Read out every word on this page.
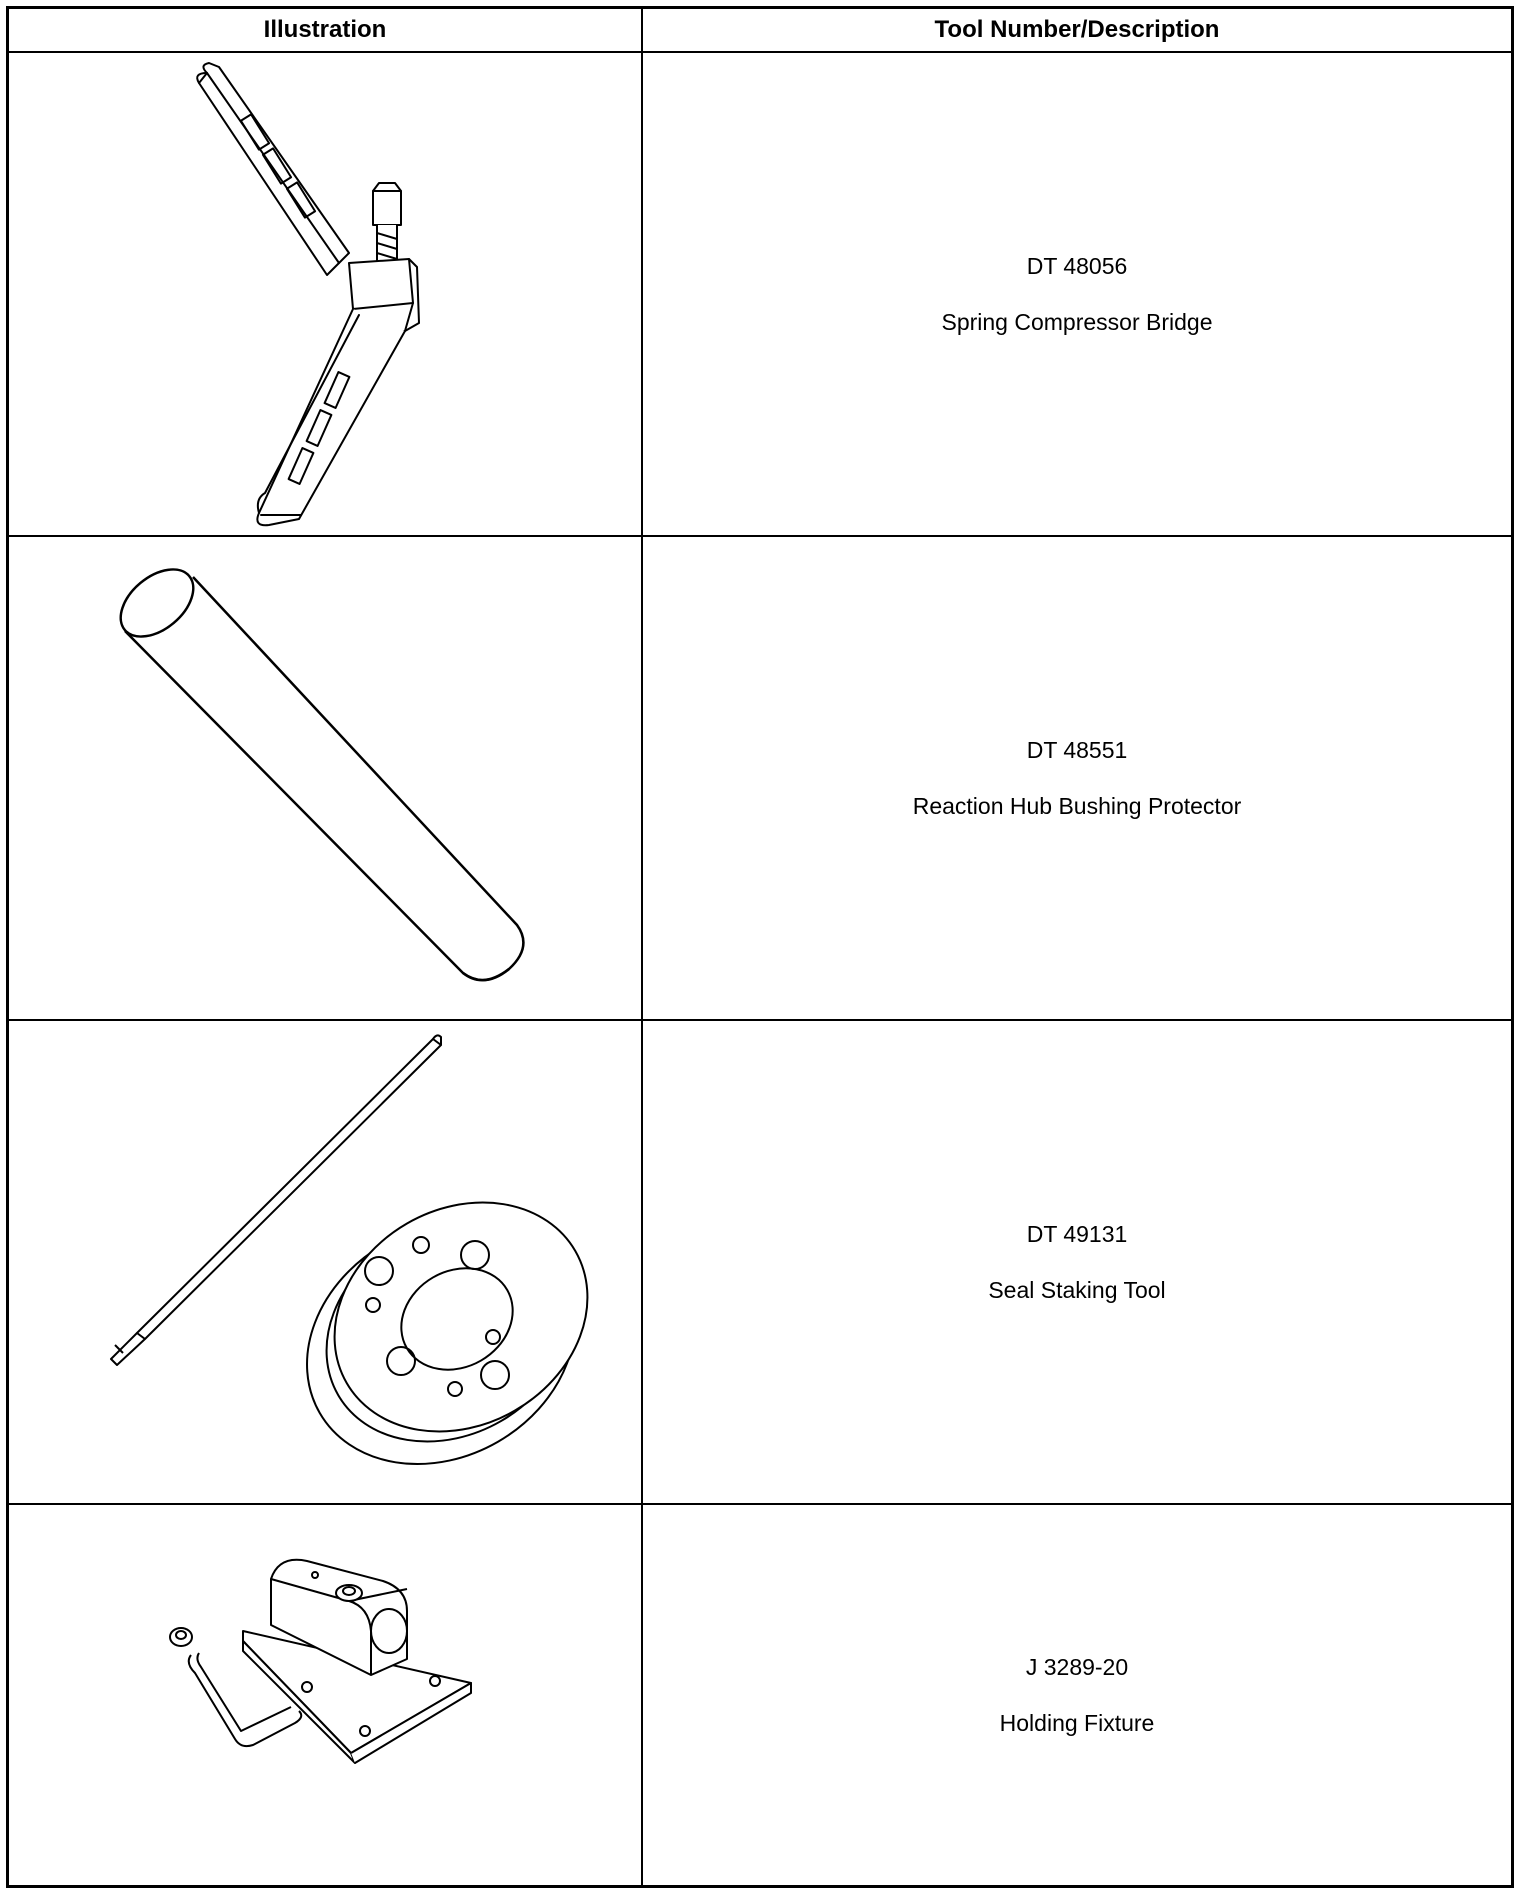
Illustration	Tool Number/Description
DT 48056
Spring Compressor Bridge
DT 48551
Reaction Hub Bushing Protector
DT 49131
Seal Staking Tool
J 3289-20
Holding Fixture
